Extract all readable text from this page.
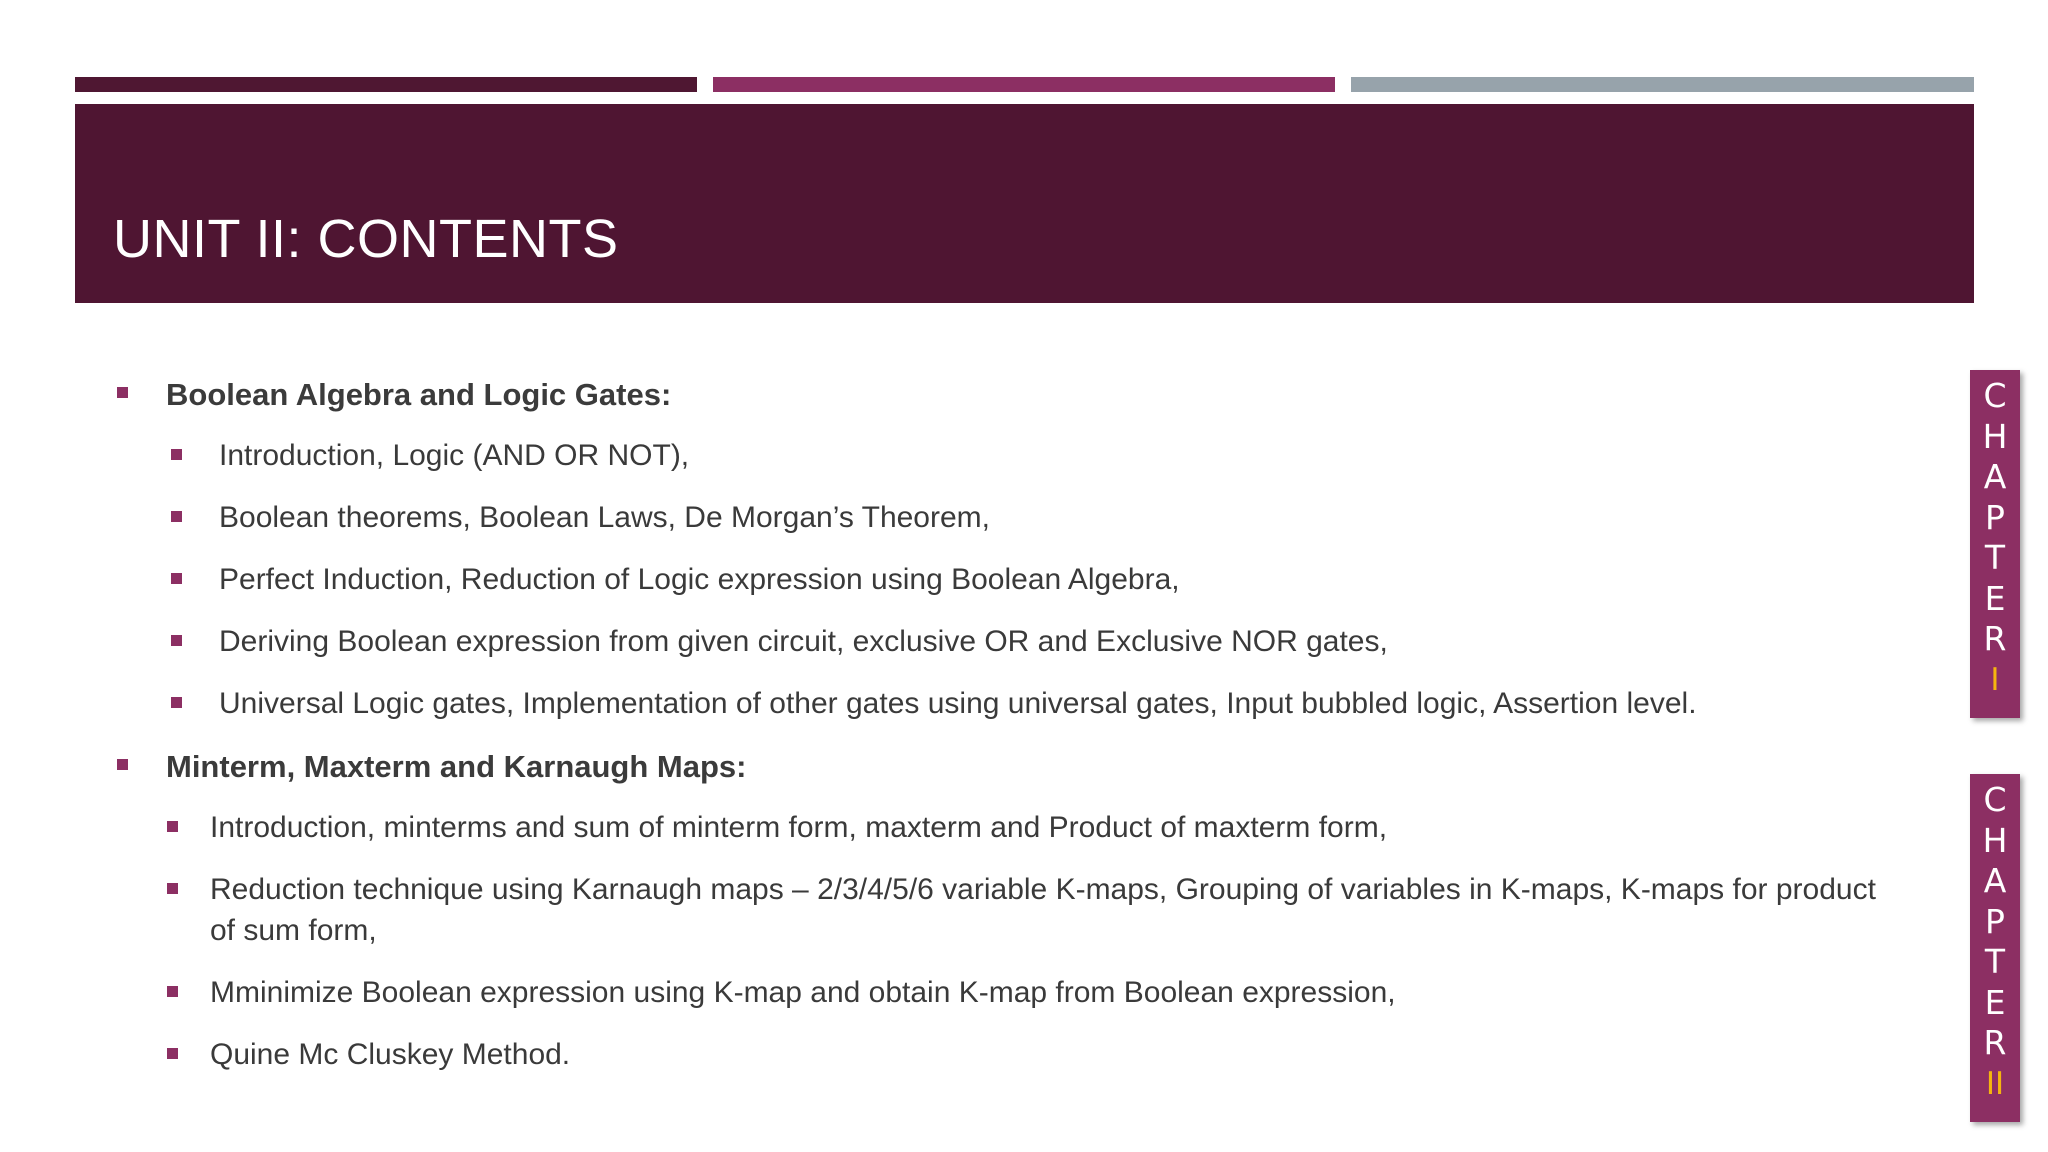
UNIT II: CONTENTS
Boolean Algebra and Logic Gates:
Introduction, Logic (AND OR NOT),
Boolean theorems, Boolean Laws, De Morgan’s Theorem,
Perfect Induction, Reduction of Logic expression using Boolean Algebra,
Deriving Boolean expression from given circuit, exclusive OR and Exclusive NOR gates,
Universal Logic gates, Implementation of other gates using universal gates, Input bubbled logic, Assertion level.
Minterm, Maxterm and Karnaugh Maps:
Introduction, minterms and sum of minterm form, maxterm and Product of maxterm form,
Reduction technique using Karnaugh maps – 2/3/4/5/6 variable K-maps, Grouping of variables in K-maps, K-maps for product
of sum form,
Mminimize Boolean expression using K-map and obtain K-map from Boolean expression,
Quine Mc Cluskey Method.
C
H
A
P
T
E
R
I
C
H
A
P
T
E
R
II
